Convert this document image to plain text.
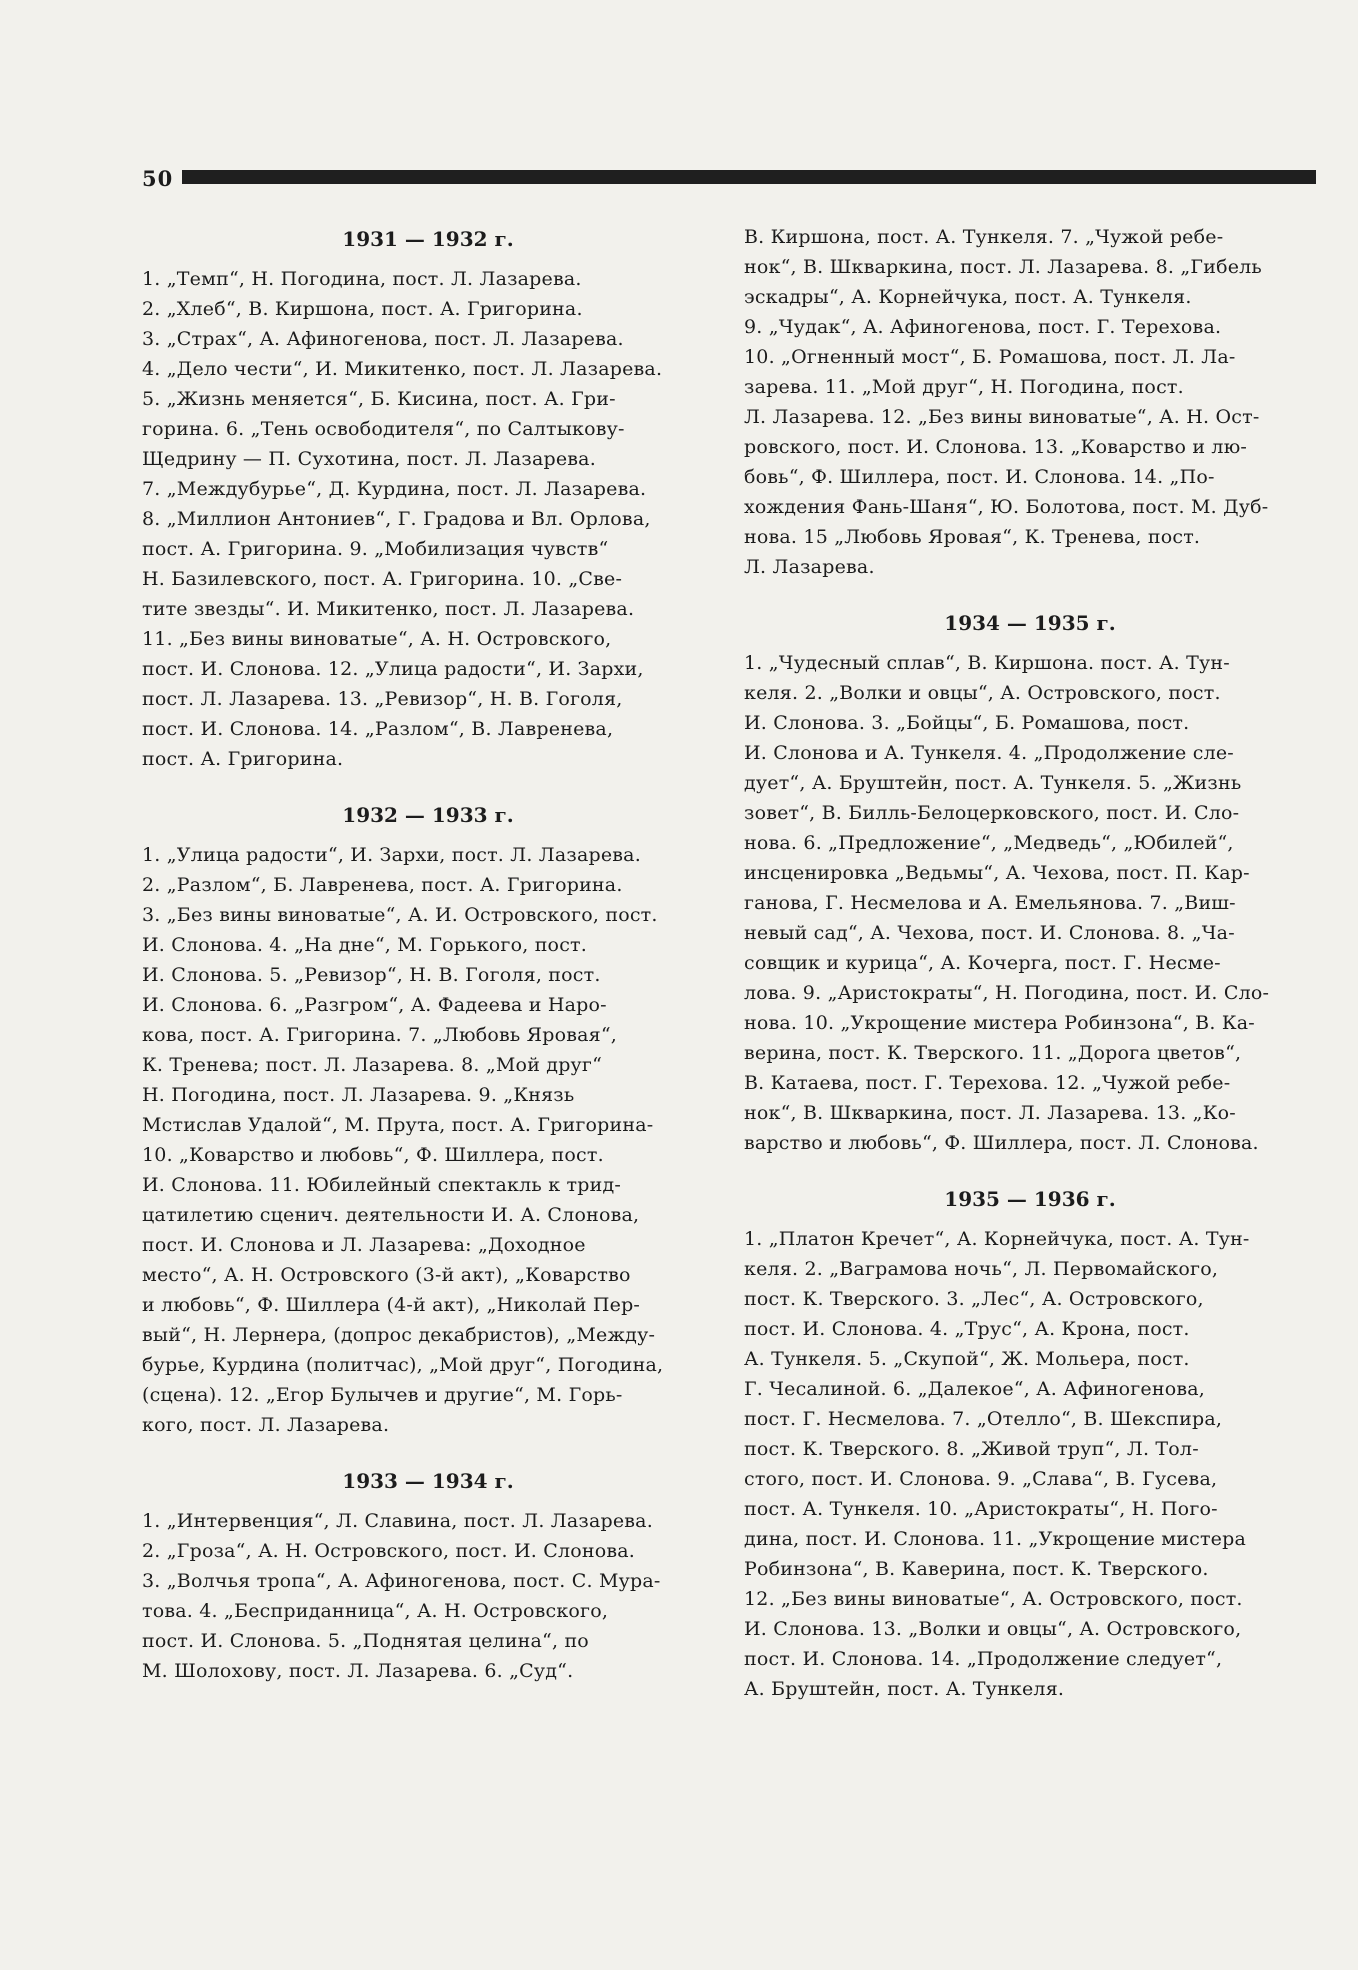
50
1931 — 1932 г.

1. „Темп“, Н. Погодина, пост. Л. Лазарева.

2. „Хлеб“, В. Киршона, пост. А. Григорина.

3. „Страх“, А. Афиногенова, пост. Л. Лазарева.

4. „Дело чести“, И. Микитенко, пост. Л. Лазарева.

5. „Жизнь меняется“, Б. Кисина, пост. А. Гри-

горина. 6. „Тень освободителя“, по Салтыкову-

Щедрину — П. Сухотина, пост. Л. Лазарева.

7. „Междубурье“, Д. Курдина, пост. Л. Лазарева.

8. „Миллион Антониев“, Г. Градова и Вл. Орлова,

пост. А. Григорина. 9. „Мобилизация чувств“

Н. Базилевского, пост. А. Григорина. 10. „Све-

тите звезды“. И. Микитенко, пост. Л. Лазарева.

11. „Без вины виноватые“, А. Н. Островского,

пост. И. Слонова. 12. „Улица радости“, И. Зархи,

пост. Л. Лазарева. 13. „Ревизор“, Н. В. Гоголя,

пост. И. Слонова. 14. „Разлом“, В. Лавренева,

пост. А. Григорина.

1932 — 1933 г.

1. „Улица радости“, И. Зархи, пост. Л. Лазарева.

2. „Разлом“, Б. Лавренева, пост. А. Григорина.

3. „Без вины виноватые“, А. И. Островского, пост.

И. Слонова. 4. „На дне“, М. Горького, пост.

И. Слонова. 5. „Ревизор“, Н. В. Гоголя, пост.

И. Слонова. 6. „Разгром“, А. Фадеева и Наро-

кова, пост. А. Григорина. 7. „Любовь Яровая“,

К. Тренева; пост. Л. Лазарева. 8. „Мой друг“

Н. Погодина, пост. Л. Лазарева. 9. „Князь

Мстислав Удалой“, М. Прута, пост. А. Григорина-

10. „Коварство и любовь“, Ф. Шиллера, пост.

И. Слонова. 11. Юбилейный спектакль к трид-

цатилетию сценич. деятельности И. А. Слонова,

пост. И. Слонова и Л. Лазарева: „Доходное

место“, А. Н. Островского (3-й акт), „Коварство

и любовь“, Ф. Шиллера (4-й акт), „Николай Пер-

вый“, Н. Лернера, (допрос декабристов), „Между-

бурье, Курдина (политчас), „Мой друг“, Погодина,

(сцена). 12. „Егор Булычев и другие“, М. Горь-

кого, пост. Л. Лазарева.

1933 — 1934 г.

1. „Интервенция“, Л. Славина, пост. Л. Лазарева.

2. „Гроза“, А. Н. Островского, пост. И. Слонова.

3. „Волчья тропа“, А. Афиногенова, пост. С. Мура-

това. 4. „Бесприданница“, А. Н. Островского,

пост. И. Слонова. 5. „Поднятая целина“, по

М. Шолохову, пост. Л. Лазарева. 6. „Суд“.

В. Киршона, пост. А. Тункеля. 7. „Чужой ребе-

нок“, В. Шкваркина, пост. Л. Лазарева. 8. „Гибель

эскадры“, А. Корнейчука, пост. А. Тункеля.

9. „Чудак“, А. Афиногенова, пост. Г. Терехова.

10. „Огненный мост“, Б. Ромашова, пост. Л. Ла-

зарева. 11. „Мой друг“, Н. Погодина, пост.

Л. Лазарева. 12. „Без вины виноватые“, А. Н. Ост-

ровского, пост. И. Слонова. 13. „Коварство и лю-

бовь“, Ф. Шиллера, пост. И. Слонова. 14. „По-

хождения Фань-Шаня“, Ю. Болотова, пост. М. Дуб-

нова. 15 „Любовь Яровая“, К. Тренева, пост.

Л. Лазарева.

1934 — 1935 г.

1. „Чудесный сплав“, В. Киршона. пост. А. Тун-

келя. 2. „Волки и овцы“, А. Островского, пост.

И. Слонова. 3. „Бойцы“, Б. Ромашова, пост.

И. Слонова и А. Тункеля. 4. „Продолжение сле-

дует“, А. Бруштейн, пост. А. Тункеля. 5. „Жизнь

зовет“, В. Билль-Белоцерковского, пост. И. Сло-

нова. 6. „Предложение“, „Медведь“, „Юбилей“,

инсценировка „Ведьмы“, А. Чехова, пост. П. Кар-

ганова, Г. Несмелова и А. Емельянова. 7. „Виш-

невый сад“, А. Чехова, пост. И. Слонова. 8. „Ча-

совщик и курица“, А. Кочерга, пост. Г. Несме-

лова. 9. „Аристократы“, Н. Погодина, пост. И. Сло-

нова. 10. „Укрощение мистера Робинзона“, В. Ка-

верина, пост. К. Тверского. 11. „Дорога цветов“,

В. Катаева, пост. Г. Терехова. 12. „Чужой ребе-

нок“, В. Шкваркина, пост. Л. Лазарева. 13. „Ко-

варство и любовь“, Ф. Шиллера, пост. Л. Слонова.

1935 — 1936 г.

1. „Платон Кречет“, А. Корнейчука, пост. А. Тун-

келя. 2. „Ваграмова ночь“, Л. Первомайского,

пост. К. Тверского. 3. „Лес“, А. Островского,

пост. И. Слонова. 4. „Трус“, А. Крона, пост.

А. Тункеля. 5. „Скупой“, Ж. Мольера, пост.

Г. Чесалиной. 6. „Далекое“, А. Афиногенова,

пост. Г. Несмелова. 7. „Отелло“, В. Шекспира,

пост. К. Тверского. 8. „Живой труп“, Л. Тол-

стого, пост. И. Слонова. 9. „Слава“, В. Гусева,

пост. А. Тункеля. 10. „Аристократы“, Н. Пого-

дина, пост. И. Слонова. 11. „Укрощение мистера

Робинзона“, В. Каверина, пост. К. Тверского.

12. „Без вины виноватые“, А. Островского, пост.

И. Слонова. 13. „Волки и овцы“, А. Островского,

пост. И. Слонова. 14. „Продолжение следует“,

А. Бруштейн, пост. А. Тункеля.
